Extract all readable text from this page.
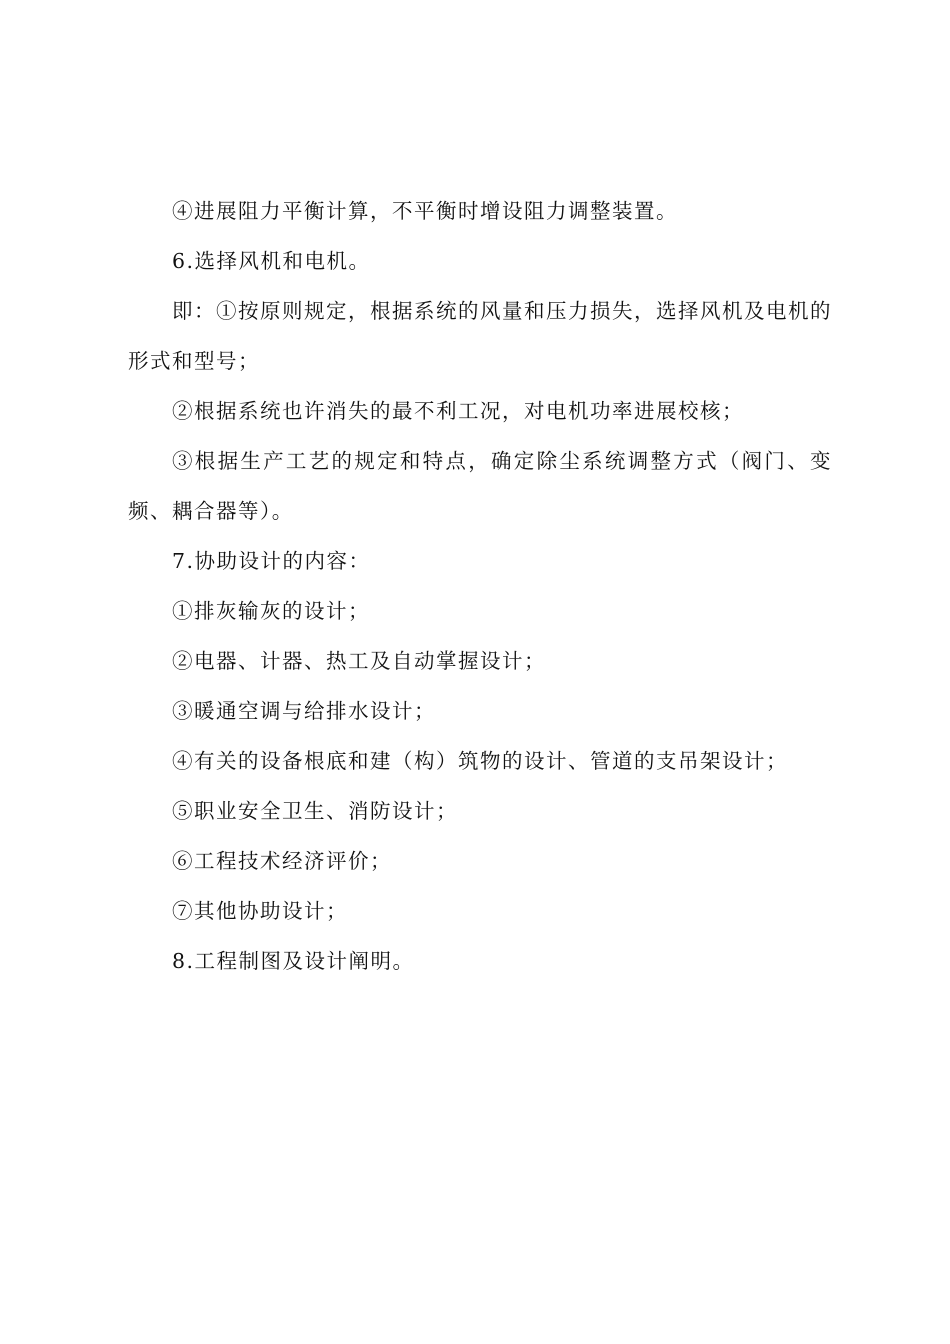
④进展阻力平衡计算，不平衡时增设阻力调整装置。

6.选择风机和电机。

即：①按原则规定，根据系统的风量和压力损失，选择风机及电机的形式和型号；

②根据系统也许消失的最不利工况，对电机功率进展校核；

③根据生产工艺的规定和特点，确定除尘系统调整方式（阀门、变频、耦合器等）。

7.协助设计的内容：

①排灰输灰的设计；

②电器、计器、热工及自动掌握设计；

③暖通空调与给排水设计；

④有关的设备根底和建（构）筑物的设计、管道的支吊架设计；

⑤职业安全卫生、消防设计；

⑥工程技术经济评价；

⑦其他协助设计；

8.工程制图及设计阐明。
